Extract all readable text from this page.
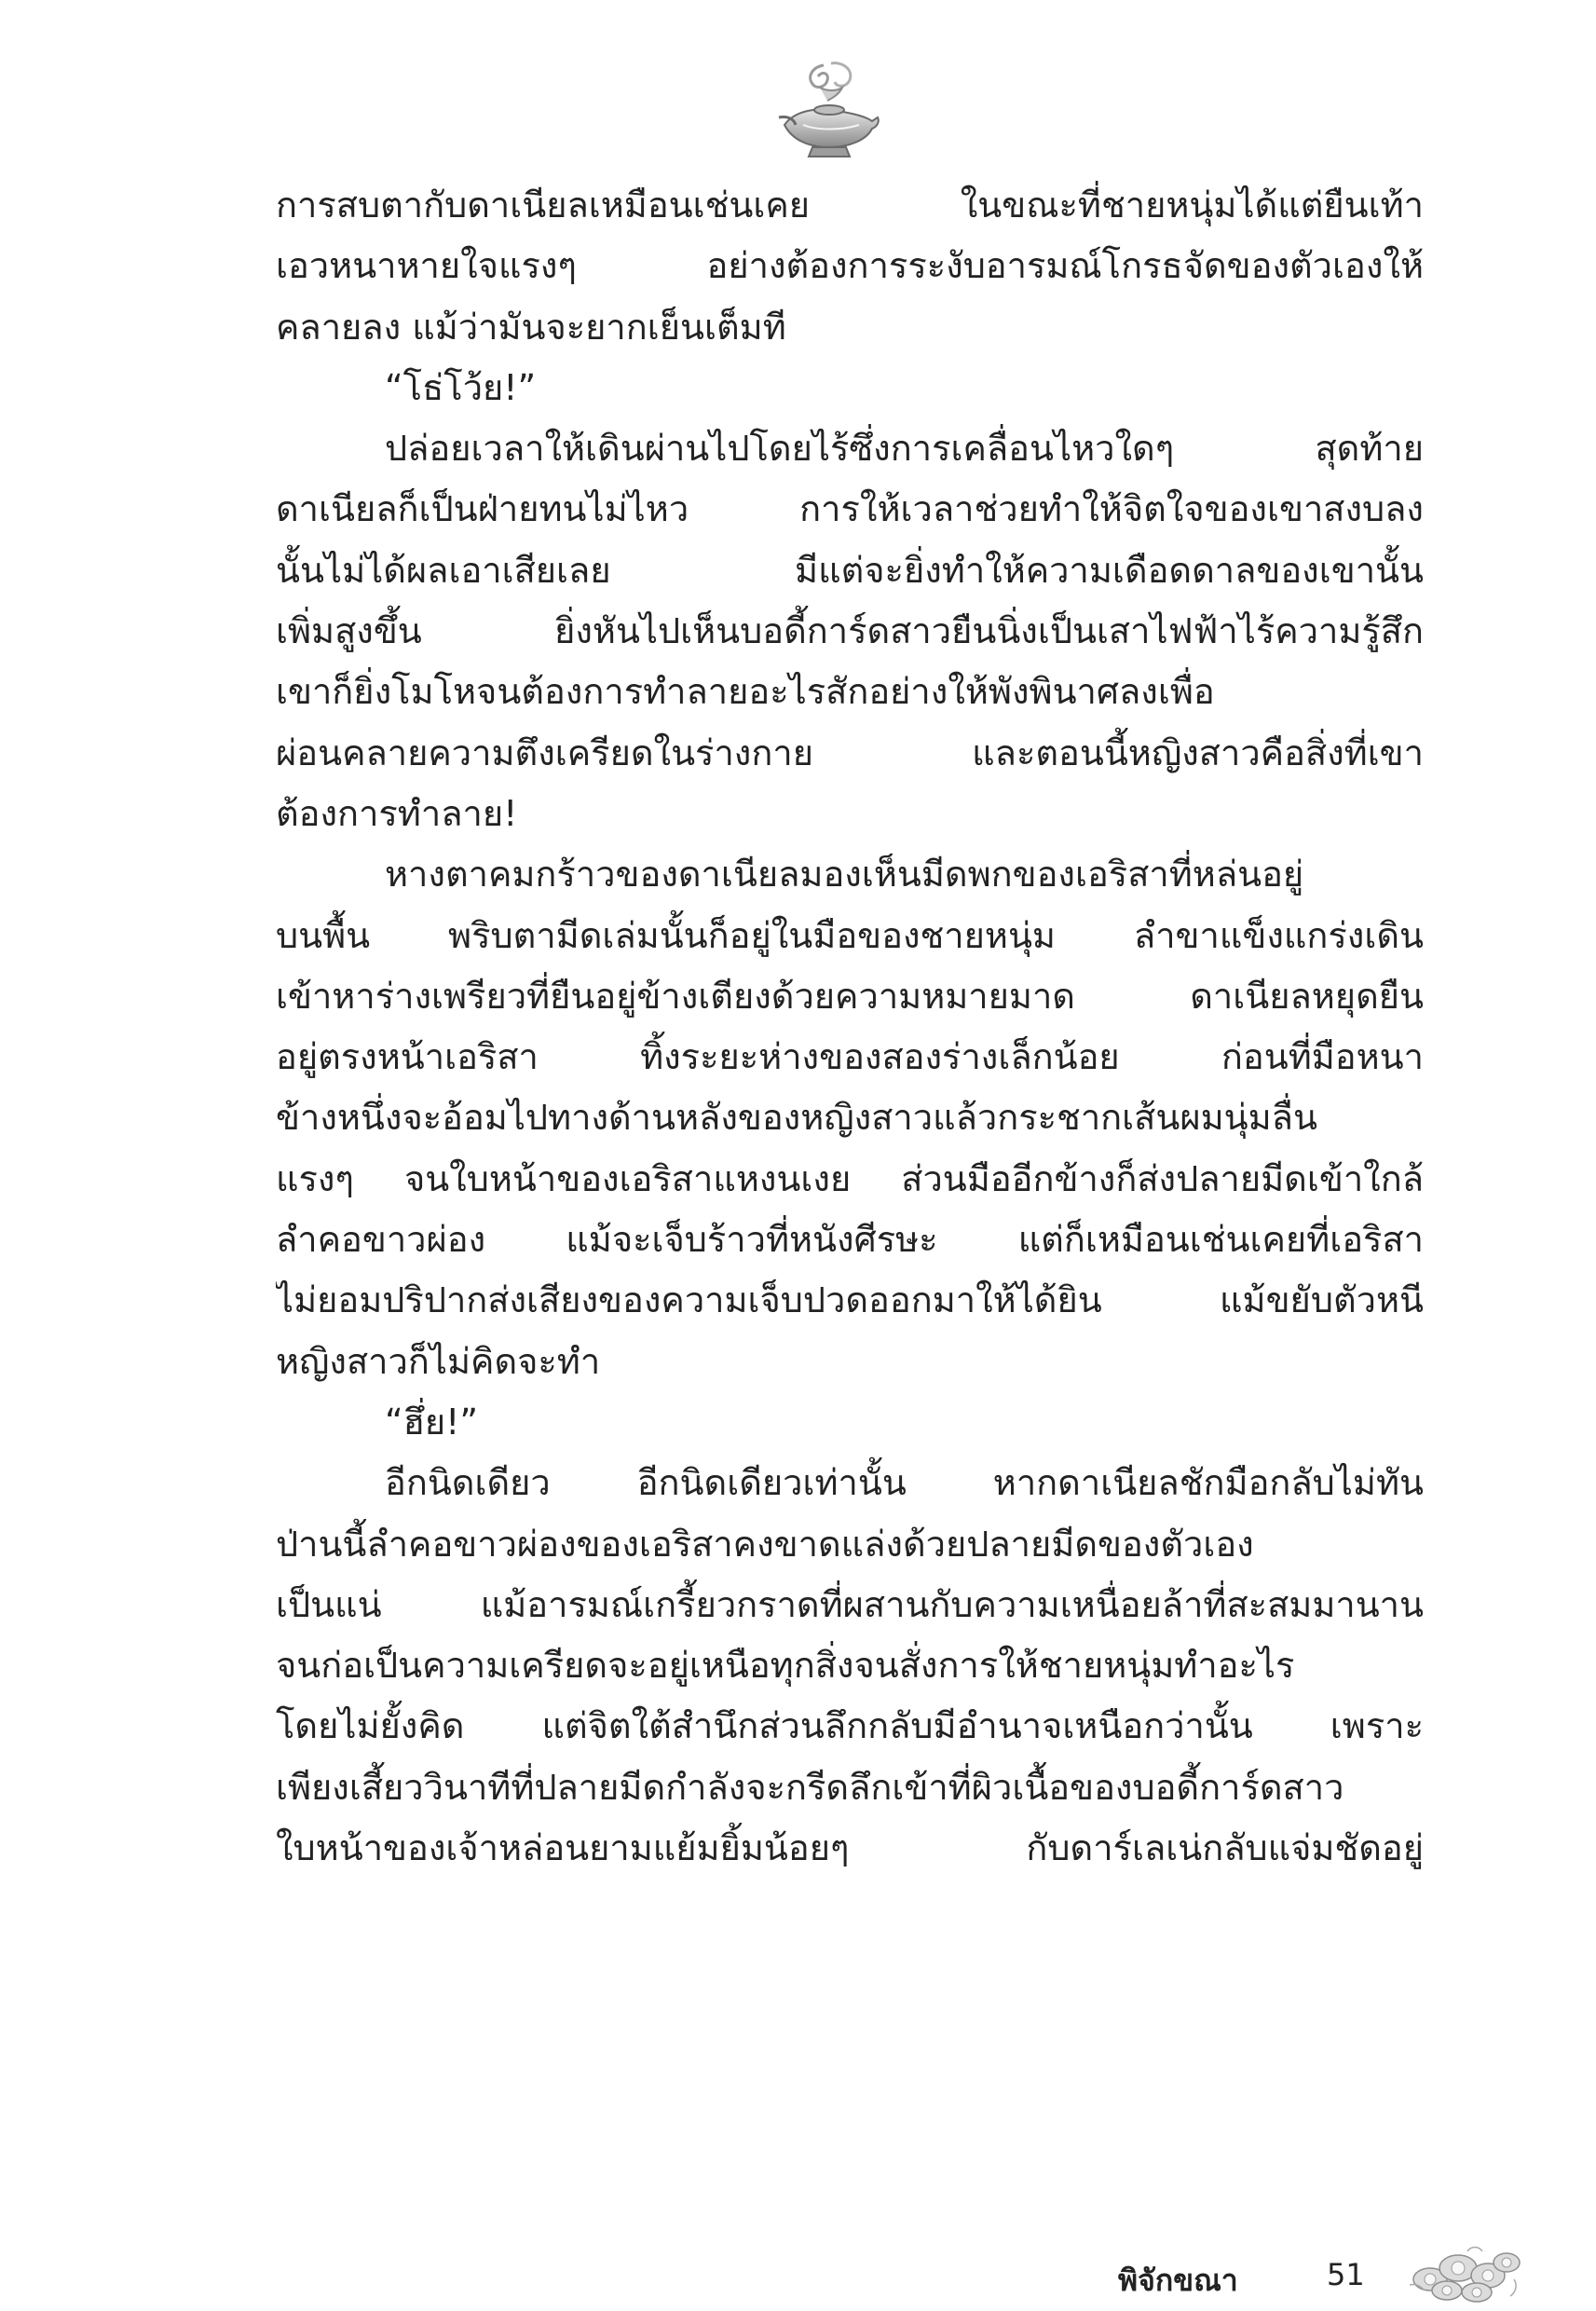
การสบตากับดาเนียลเหมือนเช่นเคย ในขณะที่ชายหนุ่มได้แต่ยืนเท้า
เอวหนาหายใจแรงๆ อย่างต้องการระงับอารมณ์โกรธจัดของตัวเองให้
คลายลง แม้ว่ามันจะยากเย็นเต็มที
“โธ่โว้ย!”
ปล่อยเวลาให้เดินผ่านไปโดยไร้ซึ่งการเคลื่อนไหวใดๆ สุดท้าย
ดาเนียลก็เป็นฝ่ายทนไม่ไหว การให้เวลาช่วยทำให้จิตใจของเขาสงบลง
นั้นไม่ได้ผลเอาเสียเลย มีแต่จะยิ่งทำให้ความเดือดดาลของเขานั้น
เพิ่มสูงขึ้น ยิ่งหันไปเห็นบอดี้การ์ดสาวยืนนิ่งเป็นเสาไฟฟ้าไร้ความรู้สึก
เขาก็ยิ่งโมโหจนต้องการทำลายอะไรสักอย่างให้พังพินาศลงเพื่อ
ผ่อนคลายความตึงเครียดในร่างกาย และตอนนี้หญิงสาวคือสิ่งที่เขา
ต้องการทำลาย!
หางตาคมกร้าวของดาเนียลมองเห็นมีดพกของเอริสาที่หล่นอยู่
บนพื้น พริบตามีดเล่มนั้นก็อยู่ในมือของชายหนุ่ม ลำขาแข็งแกร่งเดิน
เข้าหาร่างเพรียวที่ยืนอยู่ข้างเตียงด้วยความหมายมาด ดาเนียลหยุดยืน
อยู่ตรงหน้าเอริสา ทิ้งระยะห่างของสองร่างเล็กน้อย ก่อนที่มือหนา
ข้างหนึ่งจะอ้อมไปทางด้านหลังของหญิงสาวแล้วกระชากเส้นผมนุ่มลื่น
แรงๆ จนใบหน้าของเอริสาแหงนเงย ส่วนมืออีกข้างก็ส่งปลายมีดเข้าใกล้
ลำคอขาวผ่อง แม้จะเจ็บร้าวที่หนังศีรษะ แต่ก็เหมือนเช่นเคยที่เอริสา
ไม่ยอมปริปากส่งเสียงของความเจ็บปวดออกมาให้ได้ยิน แม้ขยับตัวหนี
หญิงสาวก็ไม่คิดจะทำ
“ฮึ่ย!”
อีกนิดเดียว อีกนิดเดียวเท่านั้น หากดาเนียลชักมือกลับไม่ทัน
ป่านนี้ลำคอขาวผ่องของเอริสาคงขาดแล่งด้วยปลายมีดของตัวเอง
เป็นแน่ แม้อารมณ์เกรี้ยวกราดที่ผสานกับความเหนื่อยล้าที่สะสมมานาน
จนก่อเป็นความเครียดจะอยู่เหนือทุกสิ่งจนสั่งการให้ชายหนุ่มทำอะไร
โดยไม่ยั้งคิด แต่จิตใต้สำนึกส่วนลึกกลับมีอำนาจเหนือกว่านั้น เพราะ
เพียงเสี้ยววินาทีที่ปลายมีดกำลังจะกรีดลึกเข้าที่ผิวเนื้อของบอดี้การ์ดสาว
ใบหน้าของเจ้าหล่อนยามแย้มยิ้มน้อยๆ กับดาร์เลเน่กลับแจ่มชัดอยู่
พิจักขณา	51
